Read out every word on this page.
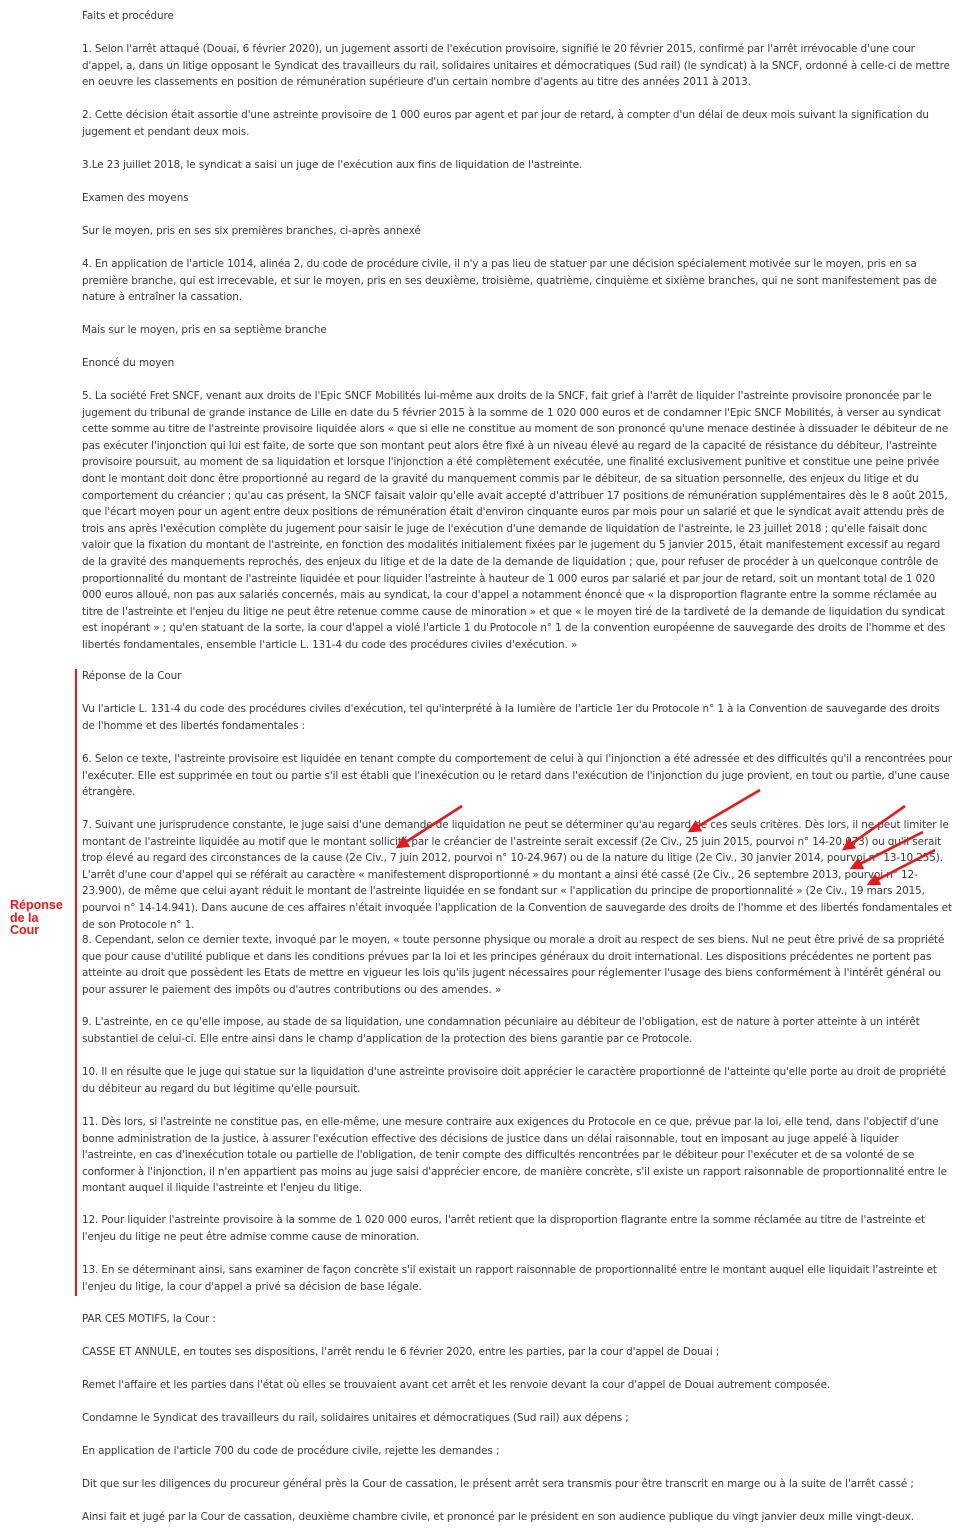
Faits et procédure

1. Selon l'arrêt attaqué (Douai, 6 février 2020), un jugement assorti de l'exécution provisoire, signifié le 20 février 2015, confirmé par l'arrêt irrévocable d'une cour d'appel, a, dans un litige opposant le Syndicat des travailleurs du rail, solidaires unitaires et démocratiques (Sud rail) (le syndicat) à la SNCF, ordonné à celle-ci de mettre en oeuvre les classements en position de rémunération supérieure d'un certain nombre d'agents au titre des années 2011 à 2013.

2. Cette décision était assortie d'une astreinte provisoire de 1 000 euros par agent et par jour de retard, à compter d'un délai de deux mois suivant la signification du jugement et pendant deux mois.

3.Le 23 juillet 2018, le syndicat a saisi un juge de l'exécution aux fins de liquidation de l'astreinte.

Examen des moyens

Sur le moyen, pris en ses six premières branches, ci-après annexé

4. En application de l'article 1014, alinéa 2, du code de procédure civile, il n'y a pas lieu de statuer par une décision spécialement motivée sur le moyen, pris en sa première branche, qui est irrecevable, et sur le moyen, pris en ses deuxième, troisième, quatrième, cinquième et sixième branches, qui ne sont manifestement pas de nature à entraîner la cassation.

Mais sur le moyen, pris en sa septième branche

Enoncé du moyen

5. La société Fret SNCF, venant aux droits de l'Epic SNCF Mobilités lui-même aux droits de la SNCF, fait grief à l'arrêt de liquider l'astreinte provisoire prononcée par le jugement du tribunal de grande instance de Lille en date du 5 février 2015 à la somme de 1 020 000 euros et de condamner l'Epic SNCF Mobilités, à verser au syndicat cette somme au titre de l'astreinte provisoire liquidée alors « que si elle ne constitue au moment de son prononcé qu'une menace destinée à dissuader le débiteur de ne pas exécuter l'injonction qui lui est faite, de sorte que son montant peut alors être fixé à un niveau élevé au regard de la capacité de résistance du débiteur, l'astreinte provisoire poursuit, au moment de sa liquidation et lorsque l'injonction a été complètement exécutée, une finalité exclusivement punitive et constitue une peine privée dont le montant doit donc être proportionné au regard de la gravité du manquement commis par le débiteur, de sa situation personnelle, des enjeux du litige et du comportement du créancier ; qu'au cas présent, la SNCF faisait valoir qu'elle avait accepté d'attribuer 17 positions de rémunération supplémentaires dès le 8 août 2015, que l'écart moyen pour un agent entre deux positions de rémunération était d'environ cinquante euros par mois pour un salarié et que le syndicat avait attendu près de trois ans après l'exécution complète du jugement pour saisir le juge de l'exécution d'une demande de liquidation de l'astreinte, le 23 juillet 2018 ; qu'elle faisait donc valoir que la fixation du montant de l'astreinte, en fonction des modalités initialement fixées par le jugement du 5 janvier 2015, était manifestement excessif au regard de la gravité des manquements reprochés, des enjeux du litige et de la date de la demande de liquidation ; que, pour refuser de procéder à un quelconque contrôle de proportionnalité du montant de l'astreinte liquidée et pour liquider l'astreinte à hauteur de 1 000 euros par salarié et par jour de retard, soit un montant total de 1 020 000 euros alloué, non pas aux salariés concernés, mais au syndicat, la cour d'appel a notamment énoncé que « la disproportion flagrante entre la somme réclamée au titre de l'astreinte et l'enjeu du litige ne peut être retenue comme cause de minoration » et que « le moyen tiré de la tardiveté de la demande de liquidation du syndicat est inopérant » ; qu'en statuant de la sorte, la cour d'appel a violé l'article 1 du Protocole n° 1 de la convention européenne de sauvegarde des droits de l'homme et des libertés fondamentales, ensemble l'article L. 131-4 du code des procédures civiles d'exécution. »

Réponse de la Cour

Vu l'article L. 131-4 du code des procédures civiles d'exécution, tel qu'interprété à la lumière de l'article 1er du Protocole n° 1 à la Convention de sauvegarde des droits de l'homme et des libertés fondamentales :

6. Selon ce texte, l'astreinte provisoire est liquidée en tenant compte du comportement de celui à qui l'injonction a été adressée et des difficultés qu'il a rencontrées pour l'exécuter. Elle est supprimée en tout ou partie s'il est établi que l'inexécution ou le retard dans l'exécution de l'injonction du juge provient, en tout ou partie, d'une cause étrangère.

7. Suivant une jurisprudence constante, le juge saisi d'une demande de liquidation ne peut se déterminer qu'au regard de ces seuls critères. Dès lors, il ne peut limiter le montant de l'astreinte liquidée au motif que le montant sollicité par le créancier de l'astreinte serait excessif (2e Civ., 25 juin 2015, pourvoi n° 14-20.073) ou qu'il serait trop élevé au regard des circonstances de la cause (2e Civ., 7 juin 2012, pourvoi n° 10-24.967) ou de la nature du litige (2e Civ., 30 janvier 2014, pourvoi n° 13-10.255). L'arrêt d'une cour d'appel qui se référait au caractère « manifestement disproportionné » du montant a ainsi été cassé (2e Civ., 26 septembre 2013, pourvoi n° 12-23.900), de même que celui ayant réduit le montant de l'astreinte liquidée en se fondant sur « l'application du principe de proportionnalité » (2e Civ., 19 mars 2015, pourvoi n° 14-14.941). Dans aucune de ces affaires n'était invoquée l'application de la Convention de sauvegarde des droits de l'homme et des libertés fondamentales et de son Protocole n° 1.

8. Cependant, selon ce dernier texte, invoqué par le moyen, « toute personne physique ou morale a droit au respect de ses biens. Nul ne peut être privé de sa propriété que pour cause d'utilité publique et dans les conditions prévues par la loi et les principes généraux du droit international. Les dispositions précédentes ne portent pas atteinte au droit que possèdent les Etats de mettre en vigueur les lois qu'ils jugent nécessaires pour réglementer l'usage des biens conformément à l'intérêt général ou pour assurer le paiement des impôts ou d'autres contributions ou des amendes. »

9. L'astreinte, en ce qu'elle impose, au stade de sa liquidation, une condamnation pécuniaire au débiteur de l'obligation, est de nature à porter atteinte à un intérêt substantiel de celui-ci. Elle entre ainsi dans le champ d'application de la protection des biens garantie par ce Protocole.

10. Il en résulte que le juge qui statue sur la liquidation d'une astreinte provisoire doit apprécier le caractère proportionné de l'atteinte qu'elle porte au droit de propriété du débiteur au regard du but légitime qu'elle poursuit.

11. Dès lors, si l'astreinte ne constitue pas, en elle-même, une mesure contraire aux exigences du Protocole en ce que, prévue par la loi, elle tend, dans l'objectif d'une bonne administration de la justice, à assurer l'exécution effective des décisions de justice dans un délai raisonnable, tout en imposant au juge appelé à liquider l'astreinte, en cas d'inexécution totale ou partielle de l'obligation, de tenir compte des difficultés rencontrées par le débiteur pour l'exécuter et de sa volonté de se conformer à l'injonction, il n'en appartient pas moins au juge saisi d'apprécier encore, de manière concrète, s'il existe un rapport raisonnable de proportionnalité entre le montant auquel il liquide l'astreinte et l'enjeu du litige.

12. Pour liquider l'astreinte provisoire à la somme de 1 020 000 euros, l'arrêt retient que la disproportion flagrante entre la somme réclamée au titre de l'astreinte et l'enjeu du litige ne peut être admise comme cause de minoration.

13. En se déterminant ainsi, sans examiner de façon concrète s'il existait un rapport raisonnable de proportionnalité entre le montant auquel elle liquidait l'astreinte et l'enjeu du litige, la cour d'appel a privé sa décision de base légale.

PAR CES MOTIFS, la Cour :

CASSE ET ANNULE, en toutes ses dispositions, l'arrêt rendu le 6 février 2020, entre les parties, par la cour d'appel de Douai ;

Remet l'affaire et les parties dans l'état où elles se trouvaient avant cet arrêt et les renvoie devant la cour d'appel de Douai autrement composée.

Condamne le Syndicat des travailleurs du rail, solidaires unitaires et démocratiques (Sud rail) aux dépens ;

En application de l'article 700 du code de procédure civile, rejette les demandes ;

Dit que sur les diligences du procureur général près la Cour de cassation, le présent arrêt sera transmis pour être transcrit en marge ou à la suite de l'arrêt cassé ;

Ainsi fait et jugé par la Cour de cassation, deuxième chambre civile, et prononcé par le président en son audience publique du vingt janvier deux mille vingt-deux.

Réponse
de la
Cour
